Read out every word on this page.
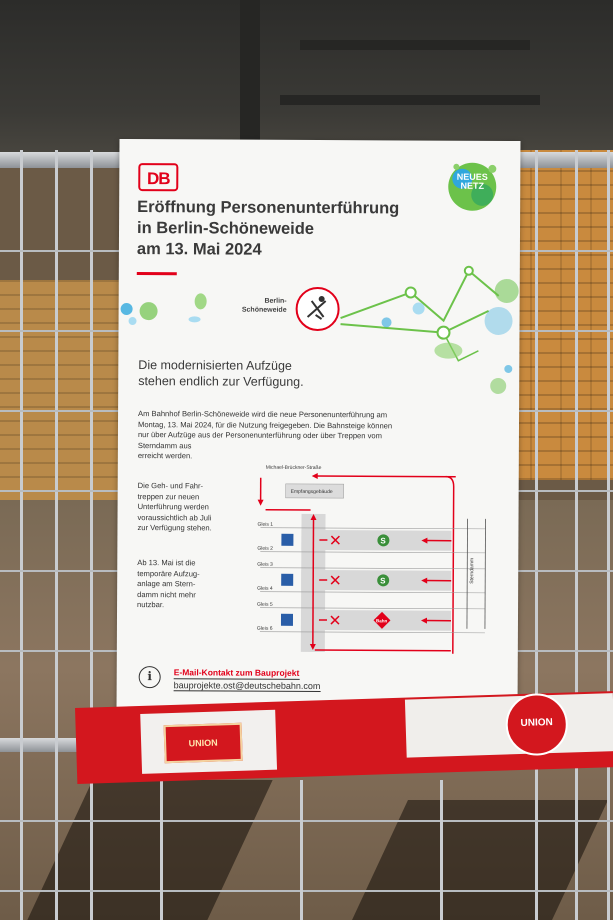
DB	NEUES
NETZ
Eröffnung Personenunterführung
in Berlin-Schöneweide
am 13. Mai 2024
Berlin-
Schöneweide
Die modernisierten Aufzüge
stehen endlich zur Verfügung.
Am Bahnhof Berlin-Schöneweide wird die neue Personenunterführung am
Montag, 13. Mai 2024, für die Nutzung freigegeben. Die Bahnsteige können
nur über Aufzüge aus der Personenunterführung oder über Treppen vom
Sterndamm aus
erreicht werden.
Die Geh- und Fahr-
treppen zur neuen
Unterführung werden
voraussichtlich ab Juli
zur Verfügung stehen.
Ab 13. Mai ist die
temporäre Aufzug-
anlage am Stern-
damm nicht mehr
nutzbar.
Michael-Brückner-Straße
Empfangsgebäude
Gleis 1
Gleis 2
Gleis 3
Gleis 4
Gleis 5
Gleis 6
S
S
Bahn
Sterndamm
i	E-Mail-Kontakt zum Bauprojekt
bauprojekte.ost@deutschebahn.com
UNION
UNION
